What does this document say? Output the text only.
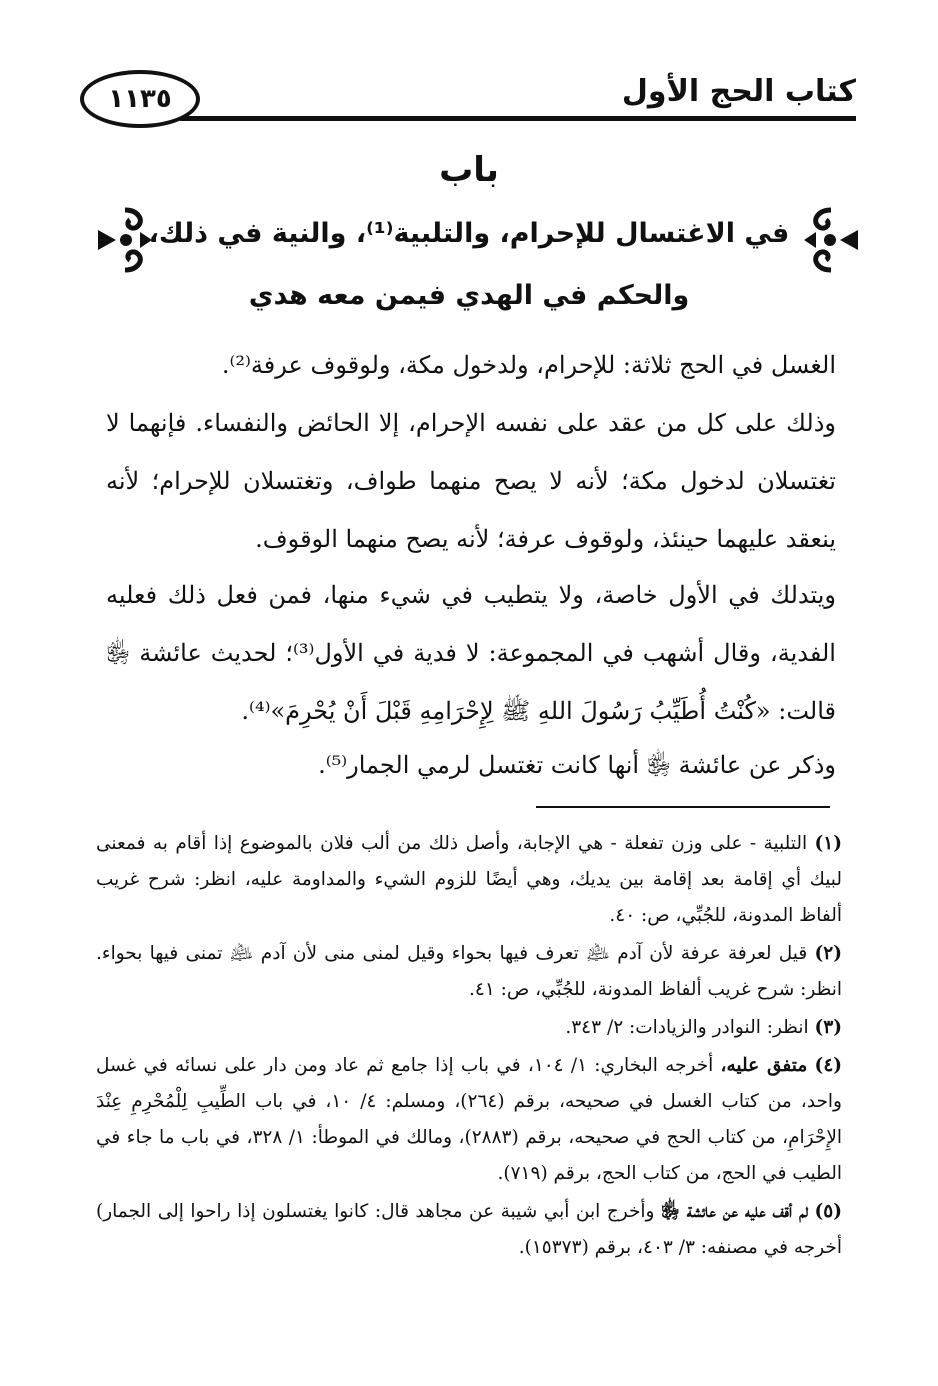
كتاب الحج الأول
١١٣٥
باب
في الاغتسال للإحرام، والتلبية⁽¹⁾، والنية في ذلك،
والحكم في الهدي فيمن معه هدي
الغسل في الحج ثلاثة: للإحرام، ولدخول مكة، ولوقوف عرفة⁽²⁾.
وذلك على كل من عقد على نفسه الإحرام، إلا الحائض والنفساء. فإنهما لا تغتسلان لدخول مكة؛ لأنه لا يصح منهما طواف، وتغتسلان للإحرام؛ لأنه ينعقد عليهما حينئذ، ولوقوف عرفة؛ لأنه يصح منهما الوقوف.
ويتدلك في الأول خاصة، ولا يتطيب في شيء منها، فمن فعل ذلك فعليه الفدية، وقال أشهب في المجموعة: لا فدية في الأول⁽³⁾؛ لحديث عائشة ﵂ قالت: «كُنْتُ أُطَيِّبُ رَسُولَ اللهِ ﷺ لِإِحْرَامِهِ قَبْلَ أَنْ يُحْرِمَ»⁽⁴⁾.
وذكر عن عائشة ﵂ أنها كانت تغتسل لرمي الجمار⁽⁵⁾.
(١) التلبية - على وزن تفعلة - هي الإجابة، وأصل ذلك من ألب فلان بالموضوع إذا أقام به فمعنى لبيك أي إقامة بعد إقامة بين يديك، وهي أيضًا للزوم الشيء والمداومة عليه، انظر: شرح غريب ألفاظ المدونة، للجُبِّي، ص: ٤٠.
(٢) قيل لعرفة عرفة لأن آدم ﵇ تعرف فيها بحواء وقيل لمنى منى لأن آدم ﵇ تمنى فيها بحواء. انظر: شرح غريب ألفاظ المدونة، للجُبِّي، ص: ٤١.
(٣) انظر: النوادر والزيادات: ٢/ ٣٤٣.
(٤) متفق عليه، أخرجه البخاري: ١/ ١٠٤، في باب إذا جامع ثم عاد ومن دار على نسائه في غسل واحد، من كتاب الغسل في صحيحه، برقم (٢٦٤)، ومسلم: ٤/ ١٠، في باب الطِّيبِ لِلْمُحْرِمِ عِنْدَ الإِحْرَامِ، من كتاب الحج في صحيحه، برقم (٢٨٨٣)، ومالك في الموطأ: ١/ ٣٢٨، في باب ما جاء في الطيب في الحج، من كتاب الحج، برقم (٧١٩).
(٥) لم أقف عليه عن عائشة ﵂ وأخرج ابن أبي شيبة عن مجاهد قال: كانوا يغتسلون إذا راحوا إلى الجمار) أخرجه في مصنفه: ٣/ ٤٠٣، برقم (١٥٣٧٣).
